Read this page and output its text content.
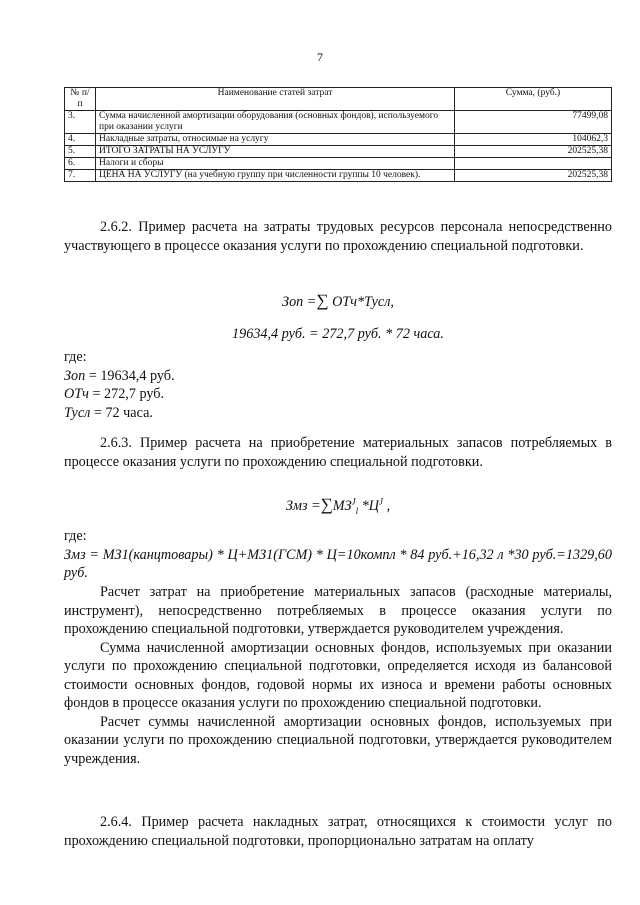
7
№ п/п	Наименование статей затрат	Сумма, (руб.)
3.	Сумма начисленной амортизации оборудования (основных фондов), используемого при оказании услуги	77499,08
4.	Накладные затраты, относимые на услугу	104062,3
5.	ИТОГО ЗАТРАТЫ НА УСЛУГУ	202525,38
6.	Налоги и сборы	
7.	ЦЕНА НА УСЛУГУ (на учебную группу при численности группы 10 человек).	202525,38

2.6.2. Пример расчета на затраты трудовых ресурсов персонала непосредственно участвующего в процессе оказания услуги по прохождению специальной подготовки.

Зоп =∑ ОТч*Тусл,
19634,4 руб. = 272,7 руб. * 72 часа.

где:

Зоп = 19634,4 руб.

ОТч = 272,7 руб.

Тусл = 72 часа.

2.6.3. Пример расчета на приобретение материальных запасов потребляемых в процессе оказания услуги по прохождению специальной подготовки.

Змз $=\sum МЗ^J_l$ $*Ц^J$ ,

где:

Змз = МЗ1(канцтовары) * Ц+МЗ1(ГСМ) * Ц=10компл * 84 руб.+16,32 л *30 руб.=1329,60 руб.

Расчет затрат на приобретение материальных запасов (расходные материалы, инструмент), непосредственно потребляемых в процессе оказания услуги по прохождению специальной подготовки, утверждается руководителем учреждения.

Сумма начисленной амортизации основных фондов, используемых при оказании услуги по прохождению специальной подготовки, определяется исходя из балансовой стоимости основных фондов, годовой нормы их износа и времени работы основных фондов в процессе оказания услуги по прохождению специальной подготовки.

Расчет суммы начисленной амортизации основных фондов, используемых при оказании услуги по прохождению специальной подготовки, утверждается руководителем учреждения.

2.6.4. Пример расчета накладных затрат, относящихся к стоимости услуг по прохождению специальной подготовки, пропорционально затратам на оплату
